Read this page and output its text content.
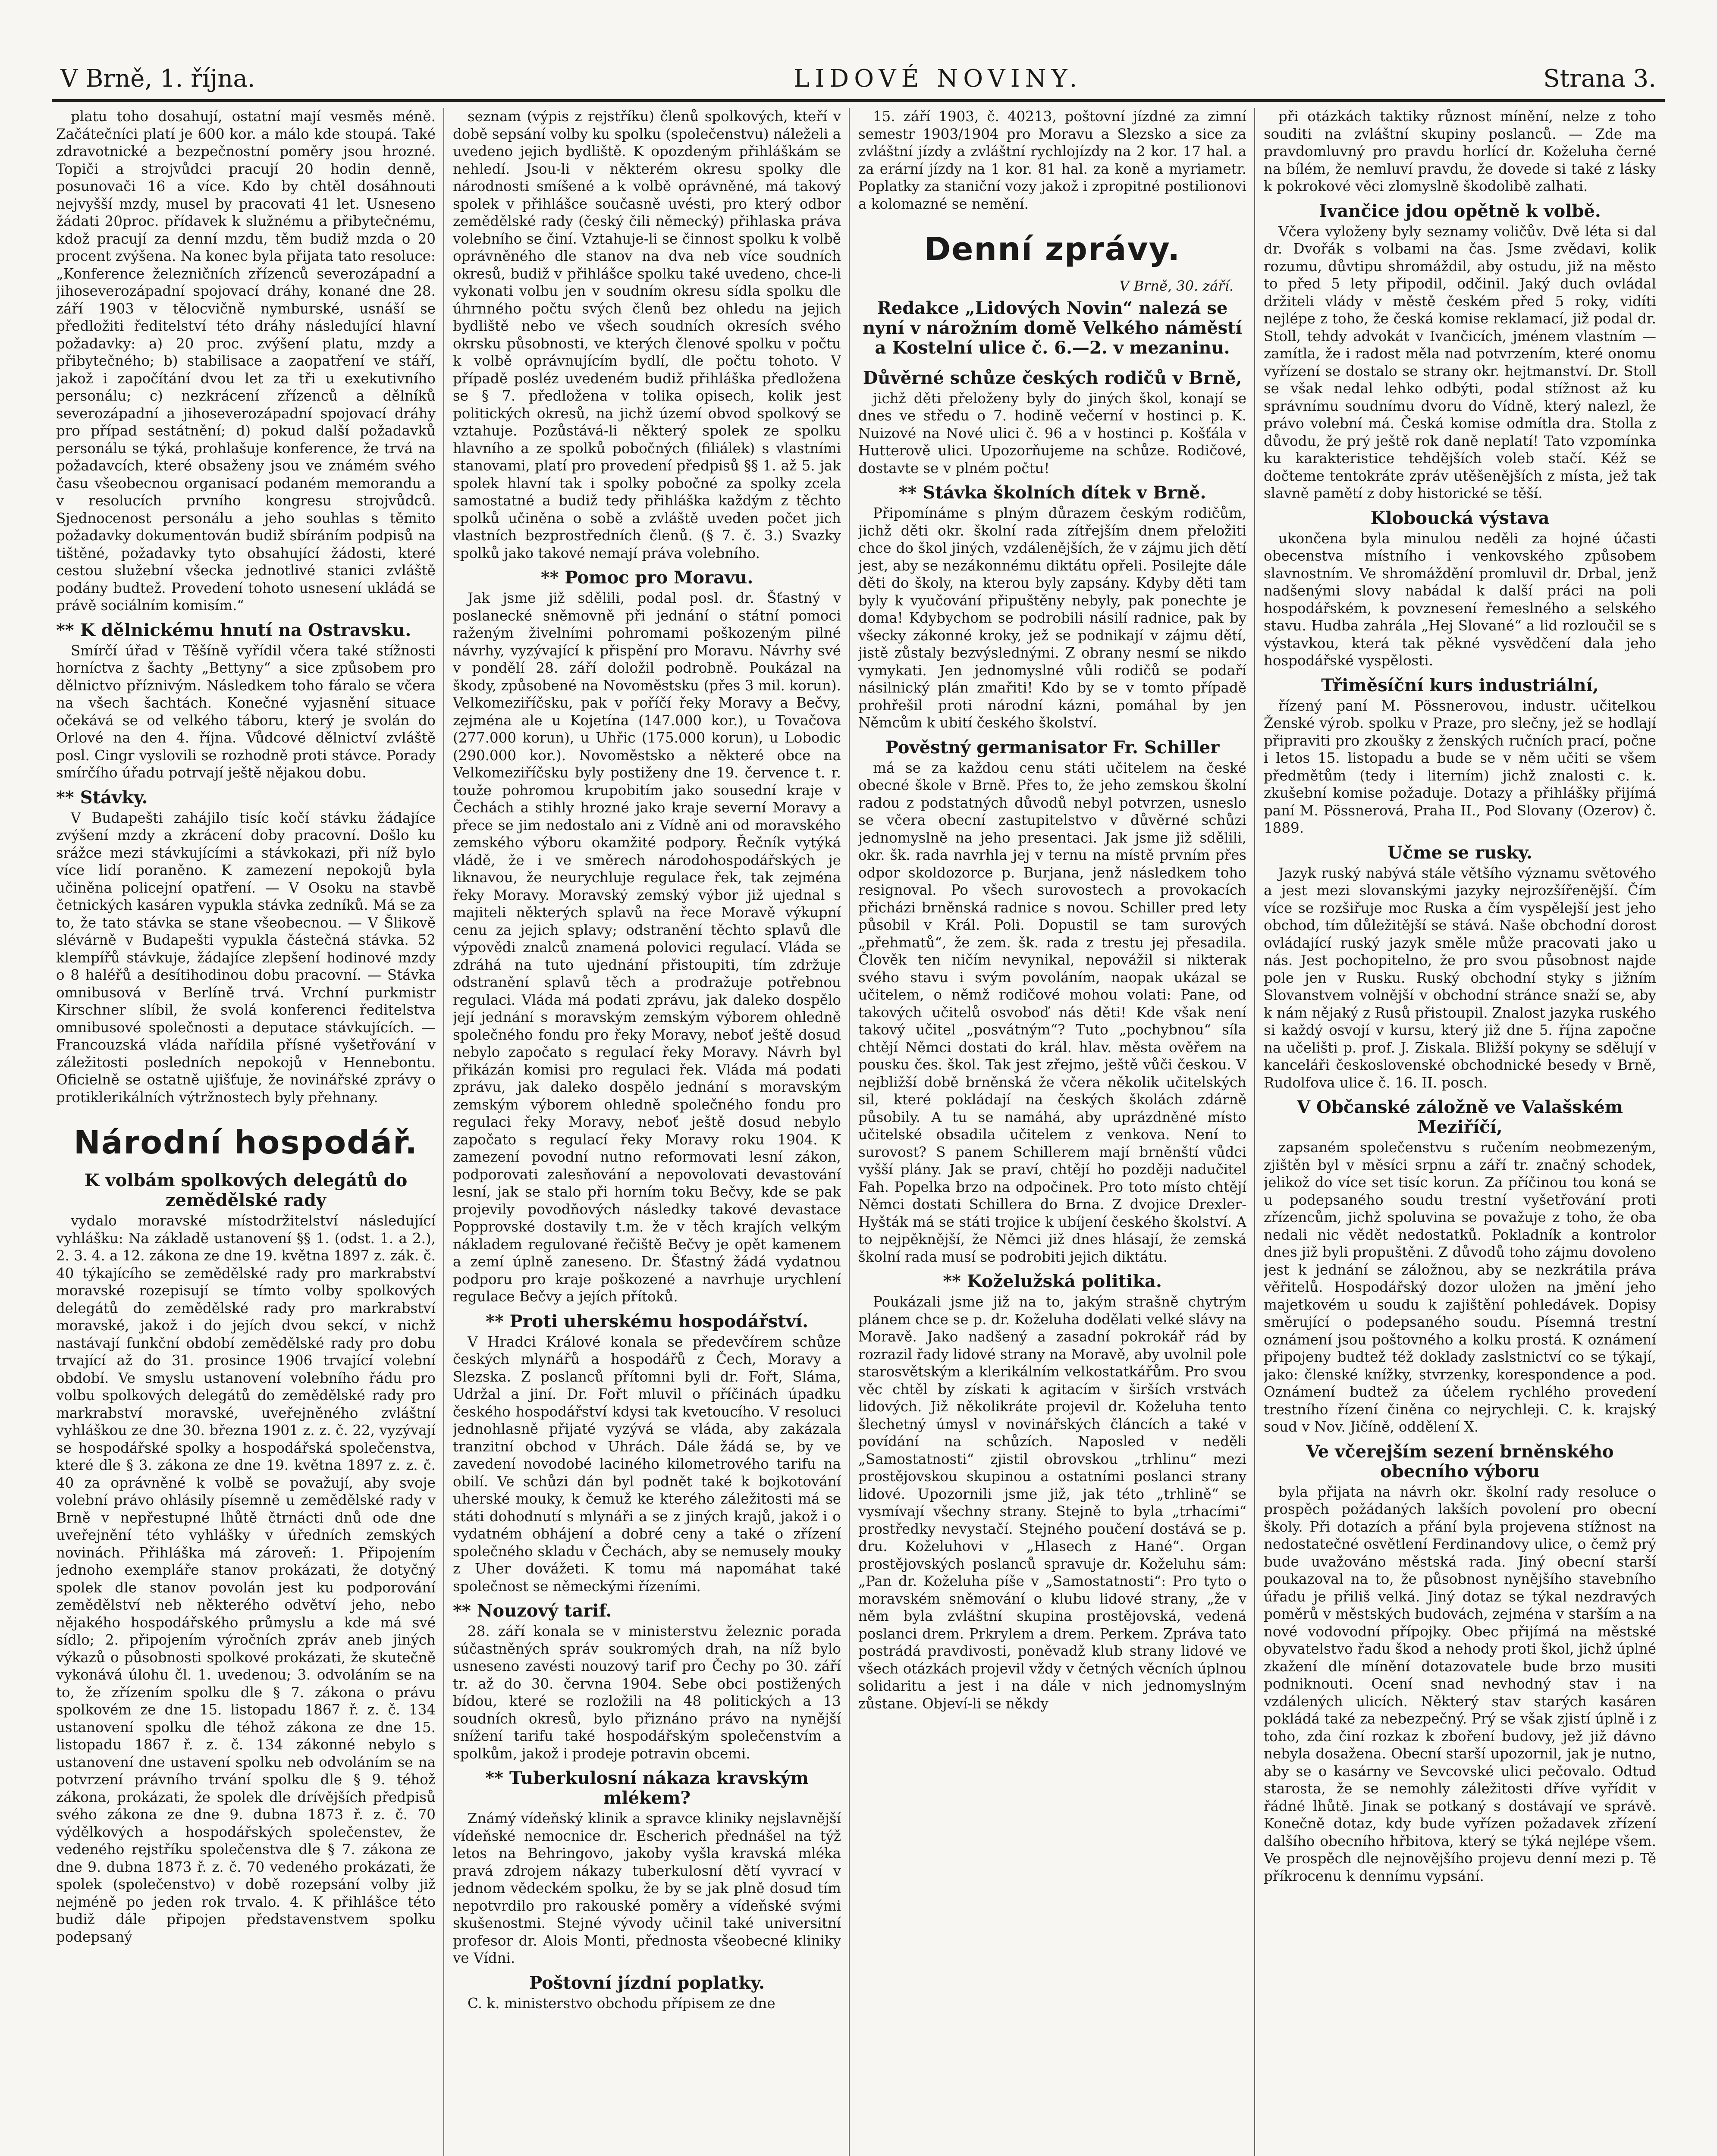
V Brně, 1. října.	LIDOVÉ NOVINY.	Strana 3.

platu toho dosahují, ostatní mají vesměs méně. Začátečníci platí je 600 kor. a málo kde stoupá. Také zdravotnické a bezpečnostní poměry jsou hrozné. Topiči a strojvůdci pracují 20 hodin denně, posunovači 16 a více. Kdo by chtěl dosáhnouti nejvyšší mzdy, musel by pracovati 41 let. Usneseno žádati 20proc. přídavek k služnému a přibytečnému, kdož pracují za denní mzdu, těm budiž mzda o 20 procent zvýšena. Na konec byla přijata tato resoluce: „Konference železničních zřízenců severozápadní a jihoseverozápadní spojovací dráhy, konané dne 28. září 1903 v tělocvičně nymburské, usnáší se předložiti ředitelství této dráhy následující hlavní požadavky: a) 20 proc. zvýšení platu, mzdy a přibytečného; b) stabilisace a zaopatření ve stáří, jakož i započítání dvou let za tři u exekutivního personálu; c) nezkrácení zřízenců a dělníků severozápadní a jihoseverozápadní spojovací dráhy pro případ sestátnění; d) pokud další požadavků personálu se týká, prohlašuje konference, že trvá na požadavcích, které obsaženy jsou ve známém svého času všeobecnou organisací podaném memorandu a v resolucích prvního kongresu strojvůdců. Sjednocenost personálu a jeho souhlas s těmito požadavky dokumentován budiž sbíráním podpisů na tištěné, požadavky tyto obsahující žádosti, které cestou služební všecka jednotlivé stanici zvláště podány budtež. Provedení tohoto usnesení ukládá se právě sociálním komisím.“

** K dělnickému hnutí na Ostravsku.

Smírčí úřad v Těšíně vyřídil včera také stížnosti horníctva z šachty „Bettyny“ a sice způsobem pro dělnictvo příznivým. Následkem toho fáralo se včera na všech šachtách. Konečné vyjasnění situace očekává se od velkého táboru, který je svolán do Orlové na den 4. října. Vůdcové dělnictví zvláště posl. Cingr vyslovili se rozhodně proti stávce. Porady smírčího úřadu potrvají ještě nějakou dobu.

** Stávky.

V Budapešti zahájilo tisíc kočí stávku žádajíce zvýšení mzdy a zkrácení doby pracovní. Došlo ku srážce mezi stávkujícími a stávkokazi, při níž bylo více lidí poraněno. K zamezení nepokojů byla učiněna policejní opatření. — V Osoku na stavbě četnických kasáren vypukla stávka zedníků. Má se za to, že tato stávka se stane všeobecnou. — V Šlikově slévárně v Budapešti vypukla částečná stávka. 52 klempířů stávkuje, žádajíce zlepšení hodinové mzdy o 8 haléřů a desítihodinou dobu pracovní. — Stávka omnibusová v Berlíně trvá. Vrchní purkmistr Kirschner slíbil, že svolá konferenci ředitelstva omnibusové společnosti a deputace stávkujících. — Francouzská vláda nařídila přísné vyšetřování v záležitosti posledních nepokojů v Hennebontu. Oficielně se ostatně ujišťuje, že novinářské zprávy o protiklerikálních výtržnostech byly přehnany.

Národní hospodář.
K volbám spolkových delegátů do zemědělské rady

vydalo moravské místodržitelství následující vyhlášku: Na základě ustanovení §§ 1. (odst. 1. a 2.), 2. 3. 4. a 12. zákona ze dne 19. května 1897 z. zák. č. 40 týkajícího se zemědělské rady pro markrabství moravské rozepisují se tímto volby spolkových delegátů do zemědělské rady pro markrabství moravské, jakož i do jejích dvou sekcí, v nichž nastávají funkční období zemědělské rady pro dobu trvající až do 31. prosince 1906 trvající volební období. Ve smyslu ustanovení volebního řádu pro volbu spolkových delegátů do zemědělské rady pro markrabství moravské, uveřejněného zvláštní vyhláškou ze dne 30. března 1901 z. z. č. 22, vyzývají se hospodářské spolky a hospodářská společenstva, které dle § 3. zákona ze dne 19. května 1897 z. z. č. 40 za oprávněné k volbě se považují, aby svoje volební právo ohlásily písemně u zemědělské rady v Brně v nepřestupné lhůtě čtrnácti dnů ode dne uveřejnění této vyhlášky v úředních zemských novinách. Přihláška má zároveň: 1. Připojením jednoho exempláře stanov prokázati, že dotyčný spolek dle stanov povolán jest ku podporování zemědělství neb některého odvětví jeho, nebo nějakého hospodářského průmyslu a kde má své sídlo; 2. připojením výročních zpráv aneb jiných výkazů o působnosti spolkové prokázati, že skutečně vykonává úlohu čl. 1. uvedenou; 3. odvoláním se na to, že zřízením spolku dle § 7. zákona o právu spolkovém ze dne 15. listopadu 1867 ř. z. č. 134 ustanovení spolku dle téhož zákona ze dne 15. listopadu 1867 ř. z. č. 134 zákonné nebylo s ustanovení dne ustavení spolku neb odvoláním se na potvrzení právního trvání spolku dle § 9. téhož zákona, prokázati, že spolek dle drívějších předpisů svého zákona ze dne 9. dubna 1873 ř. z. č. 70 výdělkových a hospodářských společenstev, že vedeného rejstříku společenstva dle § 7. zákona ze dne 9. dubna 1873 ř. z. č. 70 vedeného prokázati, že spolek (společenstvo) v době rozepsání volby již nejméně po jeden rok trvalo. 4. K přihlášce této budiž dále připojen představenstvem spolku podepsaný

seznam (výpis z rejstříku) členů spolkových, kteří v době sepsání volby ku spolku (společenstvu) náleželi a uvedeno jejich bydliště. K opozdeným přihláškám se nehledí. Jsou-li v některém okresu spolky dle národnosti smíšené a k volbě oprávněné, má takový spolek v přihlášce současně uvésti, pro který odbor zemědělské rady (český čili německý) přihlaska práva volebního se činí. Vztahuje-li se činnost spolku k volbě oprávněného dle stanov na dva neb více soudních okresů, budiž v přihlášce spolku také uvedeno, chce-li vykonati volbu jen v soudním okresu sídla spolku dle úhrnného počtu svých členů bez ohledu na jejich bydliště nebo ve všech soudních okresích svého okrsku působnosti, ve kterých členové spolku v počtu k volbě oprávnujícím bydlí, dle počtu tohoto. V případě posléz uvedeném budiž přihláška předložena se § 7. předloženа v tolika opisech, kolik jest politických okresů, na jichž území obvod spolkový se vztahuje. Pozůstává-li některý spolek ze spolku hlavního a ze spolků pobočných (filiálek) s vlastními stanovami, platí pro provedení předpisů §§ 1. až 5. jak spolek hlavní tak i spolky pobočné za spolky zcela samostatné a budiž tedy přihláška každým z těchto spolků učiněna o sobě a zvláště uveden počet jich vlastních bezprostředních členů. (§ 7. č. 3.) Svazky spolků jako takové nemají práva volebního.

** Pomoc pro Moravu.

Jak jsme již sdělili, podal posl. dr. Šťastný v poslanecké sněmovně při jednání o státní pomoci raženým živelními pohromami poškozeným pilné návrhy, vyzývající k přispění pro Moravu. Návrhy své v pondělí 28. září doložil podrobně. Poukázal na škody, způsobené na Novoměstsku (přes 3 mil. korun). Velkomeziříčsku, pak v poříčí řeky Moravy a Bečvy, zejména ale u Kojetína (147.000 kor.), u Tovačova (277.000 korun), u Uhřic (175.000 korun), u Lobodic (290.000 kor.). Novoměstsko a některé obce na Velkomeziříčsku byly postiženy dne 19. července t. r. touže pohromou krupobitím jako sousední kraje v Čechách a stihly hrozné jako kraje severní Moravy a přece se jim nedostalo ani z Vídně ani od moravského zemského výboru okamžité podpory. Řečník vytýká vládě, že i ve směrech národohospodářských je liknavou, že neurychluje regulace řek, tak zejména řeky Moravy. Moravský zemský výbor již ujednal s majiteli některých splavů na řece Moravě výkupní cenu za jejich splavy; odstranění těchto splavů dle výpovědi znalců znamená polovici regulací. Vláda se zdráhá na tuto ujednání přistoupiti, tím zdržuje odstranění splavů těch a prodražuje potřebnou regulaci. Vláda má podati zprávu, jak daleko dospělo její jednání s moravským zemským výborem ohledně společného fondu pro řeky Moravy, neboť ještě dosud nebylo započato s regulací řeky Moravy. Návrh byl přikázán komisi pro regulaci řek. Vláda má podati zprávu, jak daleko dospělo jednání s moravským zemským výborem ohledně společného fondu pro regulaci řeky Moravy, neboť ještě dosud nebylo započato s regulací řeky Moravy roku 1904. K zamezení povodní nutno reformovati lesní zákon, podporovati zalesňování a nepovolovati devastování lesní, jak se stalo při horním toku Bečvy, kde se pak projevily povodňových následky takové devastace Popprovské dostavily t.m. že v těch krajích velkým nákladem regulované řečiště Bečvy je opět kamenem a zemí úplně zaneseno. Dr. Šťastný žádá vydatnou podporu pro kraje poškozené a navrhuje urychlení regulace Bečvy a jejích přítoků.

** Proti uherskému hospodářství.

V Hradci Králové konala se předevčírem schůze českých mlynářů a hospodářů z Čech, Moravy a Slezska. Z poslanců přítomni byli dr. Fořt, Sláma, Udržal a jiní. Dr. Fořt mluvil o příčinách úpadku českého hospodářství kdysi tak kvetoucího. V resoluci jednohlasně přijaté vyzývá se vláda, aby zakázala tranzitní obchod v Uhrách. Dále žádá se, by ve zavedení novodobé laciného kilometrového tarifu na obilí. Ve schůzi dán byl podnět také k bojkotování uherské mouky, k čemuž ke kterého záležitosti má se státi dohodnutí s mlynáři a se z jiných krajů, jakož i o vydatném obhájení a dobré ceny a také o zřízení společného skladu v Čechách, aby se nemusely mouky z Uher dovážeti. K tomu má napomáhat také společnost se německými řízeními.

** Nouzový tarif.

28. září konala se v ministerstvu železnic porada súčastněných správ soukromých drah, na níž bylo usneseno zavésti nouzový tarif pro Čechy po 30. září tr. až do 30. června 1904. Sebe obci postižených bídou, které se rozložili na 48 politických a 13 soudních okresů, bylo přiznáno právo na nynější snížení tarifu také hospodářským společenstvím a spolkům, jakož i prodeje potravin obcemi.

** Tuberkulosní nákaza kravským mlékem?

Známý vídeňský klinik a spravce kliniky nejslavnější vídeňské nemocnice dr. Escherich přednášel na týž letos na Behringovo, jakoby vyšla kravská mléka pravá zdrojem nákazy tuberkulosní dětí vyvrací v jednom vědeckém spolku, že by se jak plně dosud tím nepotvrdilo pro rakouské poměry a vídeňské svými skušenostmi. Stejné vývody učinil také universitní profesor dr. Alois Monti, přednosta všeobecné kliniky ve Vídni.

Poštovní jízdní poplatky.

C. k. ministerstvo obchodu přípisem ze dne

15. září 1903, č. 40213, poštovní jízdné za zimní semestr 1903/1904 pro Moravu a Slezsko a sice za zvláštní jízdy a zvláštní rychlojízdy na 2 kor. 17 hal. a za erární jízdy na 1 kor. 81 hal. za koně a myriametr. Poplatky za staniční vozy jakož i zpropitné postilionovi a kolomazné se nemění.

Denní zprávy.
V Brně, 30. září.
Redakce „Lidových Novin“ nalezá se nyní v nárožním domě Velkého náměstí a Kostelní ulice č. 6.—2. v mezaninu.
Důvěrné schůze českých rodičů v Brně,

jichž děti přeloženy byly do jiných škol, konají se dnes ve středu o 7. hodině večerní v hostinci p. K. Nuizové na Nové ulici č. 96 a v hostinci p. Košťála v Hutterově ulici. Upozorňujeme na schůze. Rodičové, dostavte se v plném počtu!

** Stávka školních dítek v Brně.

Připomínáme s plným důrazem českým rodičům, jichž děti okr. školní rada zítřejším dnem přeložiti chce do škol jiných, vzdálenějších, že v zájmu jich dětí jest, aby se nezákonnému diktátu opřeli. Posilejte dále děti do školy, na kterou byly zapsány. Kdyby děti tam byly k vyučování připuštěny nebyly, pak ponechte je doma! Kdybychom se podrobili násilí radnice, pak by všecky zákonné kroky, jež se podnikají v zájmu dětí, jistě zůstaly bezvýslednými. Z obrany nesmí se nikdo vymykati. Jen jednomyslné vůli rodičů se podaří násilnický plán zmařiti! Kdo by se v tomto případě prohřešil proti národní kázni, pomáhal by jen Němcům k ubití českého školství.

Pověstný germanisator Fr. Schiller

má se za každou cenu státi učitelem na české obecné škole v Brně. Přes to, že jeho zemskou školní radou z podstatných důvodů nebyl potvrzen, usneslo se včera obecní zastupitelstvo v důvěrné schůzi jednomyslně na jeho presentaci. Jak jsme již sdělili, okr. šk. rada navrhla jej v ternu na místě prvním přes odpor skoldozorce p. Burjana, jenž následkem toho resignoval. Po všech surovostech a provokacích přicházi brněnská radnice s novou. Schiller pred lety působil v Král. Poli. Dopustil se tam surových „přehmatů“, že zem. šk. rada z trestu jej přesadila. Člověk ten ničím nevynikal, nepovážil si nikterak svého stavu i svým povoláním, naopak ukázal se učitelem, o němž rodičové mohou volati: Pane, od takových učitelů osvoboď nás děti! Kde však není takový učitel „posvátným“? Tuto „pochybnou“ síla chtějí Němci dostati do král. hlav. města ověřem na pousku čes. škol. Tak jest zřejmo, ještě vůči českou. V nejbližší době brněnská že včera několik učitelských sil, které pokládají na českých školách zdárně působily. A tu se namáhá, aby uprázdněné místo učitelské obsadila učitelem z venkova. Není to surovost? S panem Schillerem mají brněnští vůdci vyšší plány. Jak se praví, chtějí ho později nadučitel Fah. Popelka brzo na odpočinek. Pro toto místo chtějí Němci dostati Schillera do Brna. Z dvojice Drexler-Hyšták má se státi trojice k ubíjení českého školství. A to nejpěknější, že Němci již dnes hlásají, že zemská školní rada musí se podrobiti jejich diktátu.

** Koželužská politika.

Poukázali jsme již na to, jakým strašně chytrým plánem chce se p. dr. Koželuha dodělati velké slávy na Moravě. Jako nadšený a zasadní pokrokář rád by rozrazil řady lidové strany na Moravě, aby uvolnil pole starosvětským a klerikálním velkostatkářům. Pro svou věc chtěl by získati k agitacím v širších vrstvách lidových. Již několikráte projevil dr. Koželuha tento šlechetný úmysl v novinářských článcích a také v povídání na schůzích. Naposled v neděli „Samostatnosti“ zjistil obrovskou „trhlinu“ mezi prostějovskou skupinou a ostatními poslanci strany lidové. Upozornili jsme již, jak této „trhlině“ se vysmívají všechny strany. Stejně to byla „trhacími“ prostředky nevystačí. Stejného poučení dostává se p. dru. Koželuhovi v „Hlasech z Hané“. Organ prostějovských poslanců spravuje dr. Koželuhu sám: „Pan dr. Koželuha píše v „Samostatnosti“: Pro tyto o moravském sněmování o klubu lidové strany, „že v něm byla zvláštní skupina prostějovská, vedená poslanci drem. Prkrylem a drem. Perkem. Zpráva tato postrádá pravdivosti, poněvadž klub strany lidové ve všech otázkách projevil vždy v četných věcních úplnou solidaritu a jest i na dále v nich jednomyslným zůstane. Objeví-li se někdy

při otázkách taktiky různost mínění, nelze z toho souditi na zvláštní skupiny poslanců. — Zde ma pravdomluvný pro pravdu horlící dr. Koželuha černé na bílém, že nemluví pravdu, že dovede si také z lásky k pokrokové věci zlomyslně škodolibě zalhati.

Ivančice jdou opětně k volbě.

Včera vyloženy byly seznamy voličův. Dvě léta si dal dr. Dvořák s volbami na čas. Jsme zvědavi, kolik rozumu, důvtipu shromáždil, aby ostudu, již na město to před 5 lety připodil, odčinil. Jaký duch ovládal držiteli vlády v městě českém před 5 roky, vidíti nejlépe z toho, že česká komise reklamací, již podal dr. Stoll, tehdy advokát v Ivančicích, jménem vlastním — zamítla, že i radost měla nad potvrzením, které onomu vyřízení se dostalo se strany okr. hejtmanství. Dr. Stoll se však nedal lehko odbýti, podal stížnost až ku správnímu soudnímu dvoru do Vídně, který nalezl, že právo volební má. Česká komise odmítla dra. Stolla z důvodu, že prý ještě rok daně neplatí! Tato vzpomínka ku karakteristice tehdějších voleb stačí. Kéž se dočteme tentokráte zpráv utěšenějších z místa, jež tak slavně pamětí z doby historické se těší.

Kloboucká výstava

ukončena byla minulou neděli za hojné účasti obecenstva místního i venkovského způsobem slavnostním. Ve shromáždění promluvil dr. Drbal, jenž nadšenými slovy nabádal k další práci na poli hospodářském, k povznesení řemeslného a selského stavu. Hudba zahrála „Hej Slované“ a lid rozloučil se s výstavkou, která tak pěkné vysvědčení dala jeho hospodářské vyspělosti.

Třiměsíční kurs industriální,

řízený paní M. Pössnerovou, industr. učitelkou Ženské výrob. spolku v Praze, pro slečny, jež se hodlají připraviti pro zkoušky z ženských ručních prací, počne i letos 15. listopadu a bude se v něm učiti se všem předmětům (tedy i literním) jichž znalosti c. k. zkušební komise požaduje. Dotazy a přihlášky přijímá paní M. Pössnerová, Praha II., Pod Slovany (Ozerov) č. 1889.

Učme se rusky.

Jazyk ruský nabývá stále většího významu světového a jest mezi slovanskými jazyky nejrozšířenější. Čím více se rozšiřuje moc Ruska a čím vyspělejší jest jeho obchod, tím důležitější se stává. Naše obchodní dorost ovládající ruský jazyk směle může pracovati jako u nás. Jest pochopitelno, že pro svou působnost najde pole jen v Rusku. Ruský obchodní styky s jižním Slovanstvem volnější v obchodní stránce snaží se, aby k nám nějaký z Rusů přistoupil. Znalost jazyka ruského si každý osvojí v kursu, který již dne 5. října započne na učelišti p. prof. J. Ziskala. Bližší pokyny se sdělují v kanceláři československé obchodnické besedy v Brně, Rudolfova ulice č. 16. II. posch.

V Občanské záložně ve Valašském Meziříčí,

zapsaném společenstvu s ručením neobmezeným, zjištěn byl v měsíci srpnu a září tr. značný schodek, jelikož do více set tisíc korun. Za příčinou tou koná se u podepsaného soudu trestní vyšetřování proti zřízencům, jichž spoluvina se považuje z toho, že oba nedali nic vědět nedostatků. Pokladník a kontrolor dnes již byli propuštěni. Z důvodů toho zájmu dovoleno jest k jednání se záložnou, aby se nezkrátila práva věřitelů. Hospodářský dozor uložen na jmění jeho majetkovém u soudu k zajištění pohledávek. Dopisy směrující o podepsaného soudu. Písemná trestní oznámení jsou poštovného a kolku prostá. K oznámení připojeny budtež též doklady zaslstnictví co se týkají, jako: členské knížky, stvrzenky, korespondence a pod. Oznámení budtež za účelem rychlého provedení trestního řízení činěna co nejrychleji. C. k. krajský soud v Nov. Jičíně, oddělení X.

Ve včerejším sezení brněnského obecního výboru

byla přijata na návrh okr. školní rady resoluce o prospěch požádaných lakších povolení pro obecní školy. Při dotazích a přání byla projevena stížnost na nedostatečné osvětlení Ferdinandovy ulice, o čemž prý bude uvažováno městská rada. Jiný obecní starší poukazoval na to, že působnost nynějšího stavebního úřadu je přiliš velká. Jiný dotaz se týkal nezdravých poměrů v městských budovách, zejména v starším a na nové vodovodní přípojky. Obec přijímá na městské obyvatelstvo řadu škod a nehody proti škol, jichž úplné zkažení dle mínění dotazovatele bude brzo musiti podniknouti. Ocení snad nevhodný stav i na vzdálených ulicích. Některý stav starých kasáren pokládá také za nebezpečný. Prý se však zjistí úplně i z toho, zda činí rozkaz k zboření budovy, jež již dávno nebyla dosažena. Obecní starší upozornil, jak je nutno, aby se o kasárny ve Sevcovské ulici pečovalo. Odtud starosta, že se nemohly záležitosti dříve vyřídit v řádné lhůtě. Jinak se potkaný s dostávají ve správě. Konečně dotaz, kdy bude vyřízen požadavek zřízení dalšího obecního hřbitova, který se týká nejlépe všem. Ve prospěch dle nejnovějšího projevu denní mezi p. Tě příkrocenu k dennímu vypsání.
